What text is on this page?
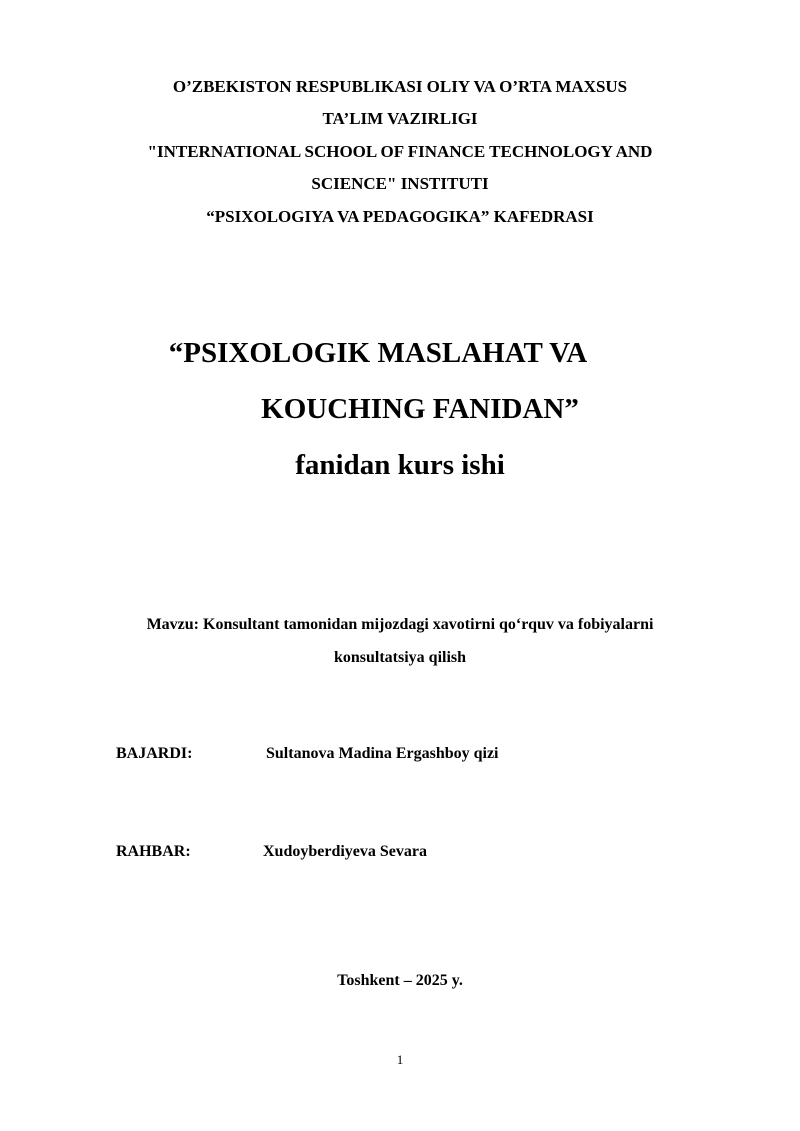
O’ZBEKISTON RESPUBLIKASI OLIY VA O’RTA MAXSUS
TA’LIM VAZIRLIGI
"INTERNATIONAL SCHOOL OF FINANCE TECHNOLOGY AND
SCIENCE" INSTITUTI
“PSIXOLOGIYA VA PEDAGOGIKA” KAFEDRASI
“PSIXOLOGIK MASLAHAT VA
KOUCHING FANIDAN”
fanidan kurs ishi
Mavzu: Konsultant tamonidan mijozdagi xavotirni qo‘rquv va fobiyalarni
konsultatsiya qilish
BAJARDI:	Sultanova Madina Ergashboy qizi
RAHBAR:	Xudoyberdiyeva Sevara
Toshkent – 2025 y.
1
